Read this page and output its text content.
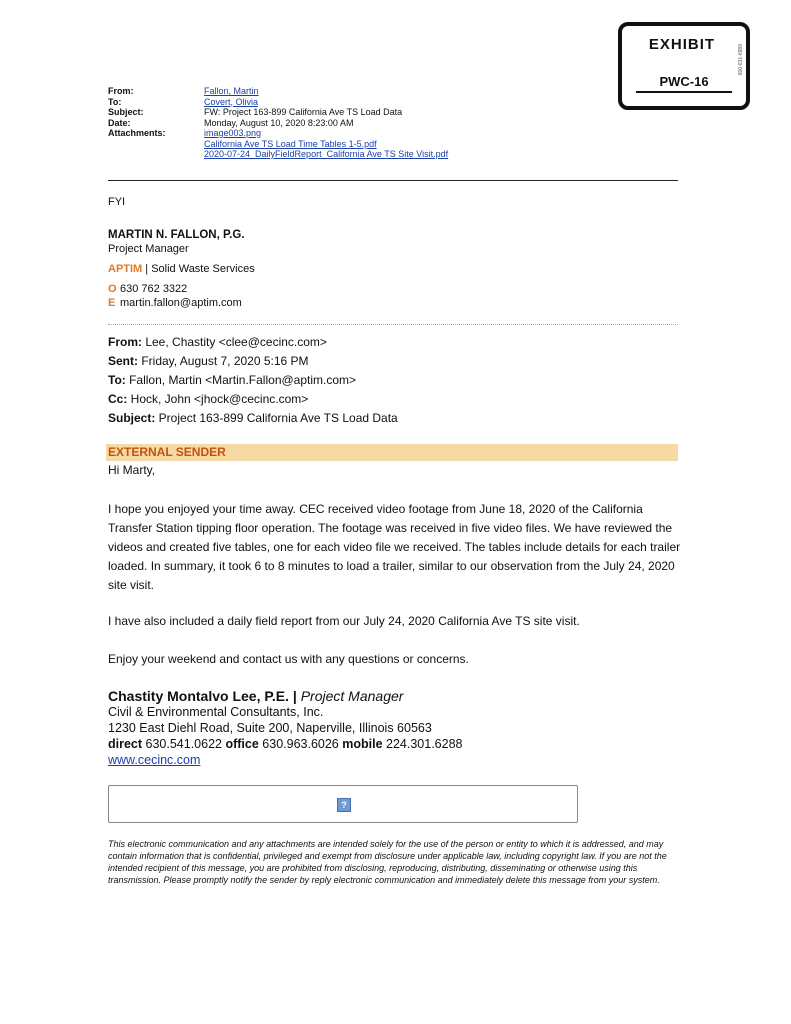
EXHIBIT
PWC-16
800-631-6989
From:	Fallon, Martin
To:	Covert, Olivia
Subject:	FW: Project 163-899 California Ave TS Load Data
Date:	Monday, August 10, 2020 8:23:00 AM
Attachments:	image003.png
California Ave TS Load Time Tables 1-5.pdf
2020-07-24_DailyFieldReport_California Ave TS Site Visit.pdf
FYI
MARTIN N. FALLON, P.G.
Project Manager
APTIM | Solid Waste Services
O 630 762 3322
E martin.fallon@aptim.com
From: Lee, Chastity <clee@cecinc.com>
Sent: Friday, August 7, 2020 5:16 PM
To: Fallon, Martin <Martin.Fallon@aptim.com>
Cc: Hock, John <jhock@cecinc.com>
Subject: Project 163-899 California Ave TS Load Data
EXTERNAL SENDER
Hi Marty,
I hope you enjoyed your time away. CEC received video footage from June 18, 2020 of the California Transfer Station tipping floor operation. The footage was received in five video files. We have reviewed the videos and created five tables, one for each video file we received. The tables include details for each trailer loaded. In summary, it took 6 to 8 minutes to load a trailer, similar to our observation from the July 24, 2020 site visit.
I have also included a daily field report from our July 24, 2020 California Ave TS site visit.
Enjoy your weekend and contact us with any questions or concerns.
Chastity Montalvo Lee, P.E. | Project Manager
Civil & Environmental Consultants, Inc.
1230 East Diehl Road, Suite 200, Naperville, Illinois 60563
direct 630.541.0622 office 630.963.6026 mobile 224.301.6288
www.cecinc.com
?
This electronic communication and any attachments are intended solely for the use of the person or entity to which it is addressed, and may contain information that is confidential, privileged and exempt from disclosure under applicable law, including copyright law. If you are not the intended recipient of this message, you are prohibited from disclosing, reproducing, distributing, disseminating or otherwise using this transmission. Please promptly notify the sender by reply electronic communication and immediately delete this message from your system.
